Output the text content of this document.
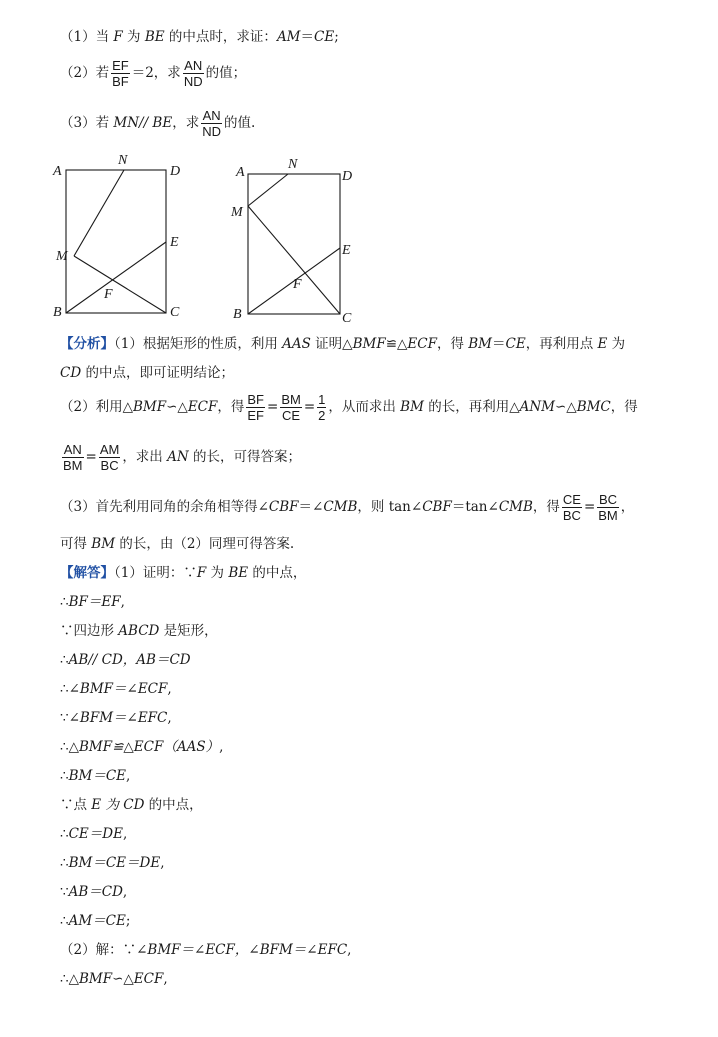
（1）当 F 为 BE 的中点时，求证：AM＝CE;
（2）若 $\frac{EF}{BF} =2$，求 $\frac{AN}{ND}$ 的值；
（3）若 MN// BE，求 $\frac{AN}{ND}$ 的值.
A
N
D
M
E
F
B	C
A
N
D
M
E
F
B	C
【分析】（1）根据矩形的性质，利用 AAS 证明△BMF≌△ECF，得 BM＝CE，再利用点 E 为
CD 的中点，即可证明结论；
（2）利用△BMF∽△ECF，得 $\frac{BF}{EF} = \frac{BM}{CE} = \frac{1}{2}$ ，从而求出 BM 的长，再利用△ANM∽△BMC，得
$\frac{AN}{BM} = \frac{AM}{BC}$ ，求出 AN 的长，可得答案；
（3）首先利用同角的余角相等得∠CBF＝∠CMB，则 tan∠CBF＝tan∠CMB，得 $\frac{CE}{BC} = \frac{BC}{BM}$ ，
可得 BM 的长，由（2）同理可得答案.
【解答】（1）证明：∵F 为 BE 的中点，
∴BF＝EF,
∵四边形 ABCD 是矩形，
∴AB// CD，AB＝CD
∴∠BMF＝∠ECF,
∵∠BFM＝∠EFC,
∴△BMF≌△ECF（AAS）,
∴BM＝CE,
∵点 E 为 CD 的中点，
∴CE＝DE,
∴BM＝CE＝DE,
∵AB＝CD,
∴AM＝CE;
（2）解：∵∠BMF＝∠ECF，∠BFM＝∠EFC,
∴△BMF∽△ECF,
